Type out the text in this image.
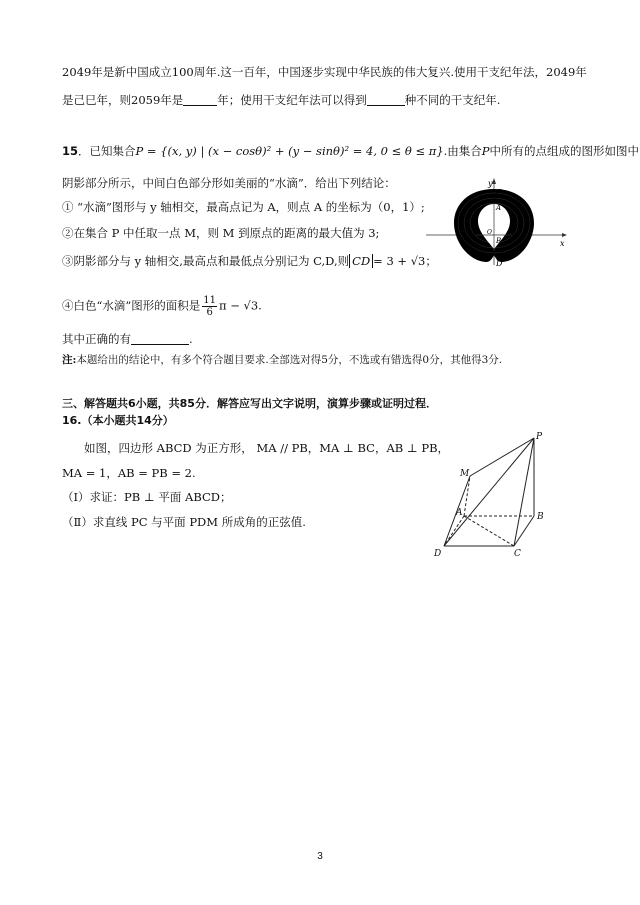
2049年是新中国成立100周年.这一百年，中国逐步实现中华民族的伟大复兴.使用干支纪年法，2049年
是己巳年，则2059年是	年；使用干支纪年法可以得到	种不同的干支纪年.
15．已知集合P = {(x, y) | (x − cosθ)² + (y − sinθ)² = 4, 0 ≤ θ ≤ π}.由集合P中所有的点组成的图形如图中
阴影部分所示，中间白色部分形如美丽的“水滴”．给出下列结论：
① “水滴”图形与 y 轴相交，最高点记为 A，则点 A 的坐标为（0，1）;
②在集合 P 中任取一点 M，则 M 到原点的距离的最大值为 3;
③阴影部分与 y 轴相交,最高点和最低点分别记为 C,D,则 CD = 3 + √3；
④白色“水滴”图形的面积是 $\frac{11}{6}$ π − √3.
其中正确的有	.
注:本题给出的结论中，有多个符合题目要求.全部选对得5分，不选或有错选得0分，其他得3分.
y
x
C
A
O
B
D
三、解答题共6小题，共85分．解答应写出文字说明，演算步骤或证明过程．
16.（本小题共14分）
如图，四边形 ABCD 为正方形， MA // PB，MA ⊥ BC，AB ⊥ PB，
MA = 1，AB = PB = 2.
（Ⅰ）求证：PB ⊥ 平面 ABCD；
（Ⅱ）求直线 PC 与平面 PDM 所成角的正弦值.
P
M
A	B
C
D
3
